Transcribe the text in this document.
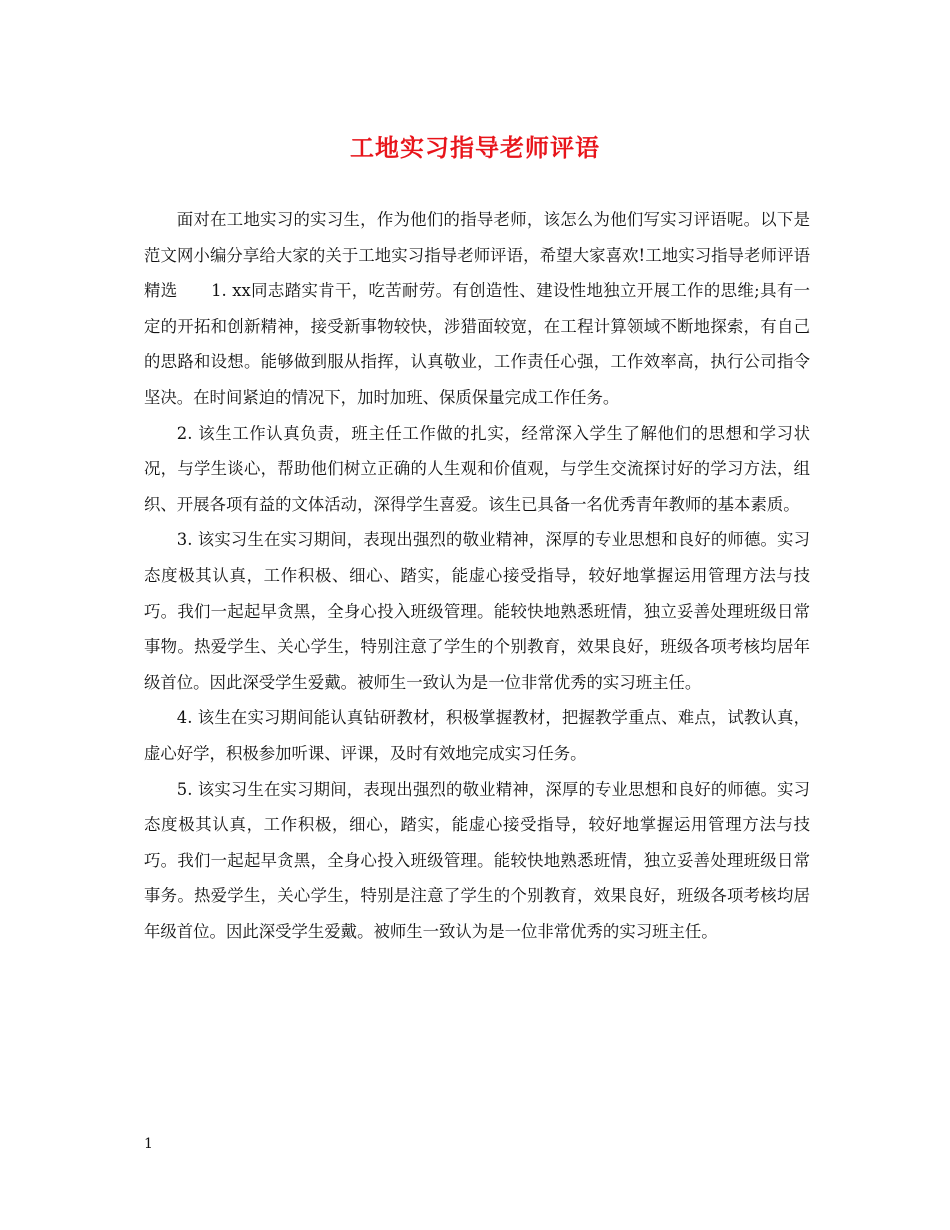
工地实习指导老师评语

面对在工地实习的实习生，作为他们的指导老师，该怎么为他们写实习评语呢。以下是范文网小编分享给大家的关于工地实习指导老师评语，希望大家喜欢!工地实习指导老师评语精选　　1. xx同志踏实肯干，吃苦耐劳。有创造性、建设性地独立开展工作的思维;具有一定的开拓和创新精神，接受新事物较快，涉猎面较宽，在工程计算领域不断地探索，有自己的思路和设想。能够做到服从指挥，认真敬业，工作责任心强，工作效率高，执行公司指令坚决。在时间紧迫的情况下，加时加班、保质保量完成工作任务。

2. 该生工作认真负责，班主任工作做的扎实，经常深入学生了解他们的思想和学习状况，与学生谈心，帮助他们树立正确的人生观和价值观，与学生交流探讨好的学习方法，组织、开展各项有益的文体活动，深得学生喜爱。该生已具备一名优秀青年教师的基本素质。

3. 该实习生在实习期间，表现出强烈的敬业精神，深厚的专业思想和良好的师德。实习态度极其认真，工作积极、细心、踏实，能虚心接受指导，较好地掌握运用管理方法与技巧。我们一起起早贪黑，全身心投入班级管理。能较快地熟悉班情，独立妥善处理班级日常事物。热爱学生、关心学生，特别注意了学生的个别教育，效果良好，班级各项考核均居年级首位。因此深受学生爱戴。被师生一致认为是一位非常优秀的实习班主任。

4. 该生在实习期间能认真钻研教材，积极掌握教材，把握教学重点、难点，试教认真，虚心好学，积极参加听课、评课，及时有效地完成实习任务。

5. 该实习生在实习期间，表现出强烈的敬业精神，深厚的专业思想和良好的师德。实习态度极其认真，工作积极，细心，踏实，能虚心接受指导，较好地掌握运用管理方法与技巧。我们一起起早贪黑，全身心投入班级管理。能较快地熟悉班情，独立妥善处理班级日常事务。热爱学生，关心学生，特别是注意了学生的个别教育，效果良好，班级各项考核均居年级首位。因此深受学生爱戴。被师生一致认为是一位非常优秀的实习班主任。

1
